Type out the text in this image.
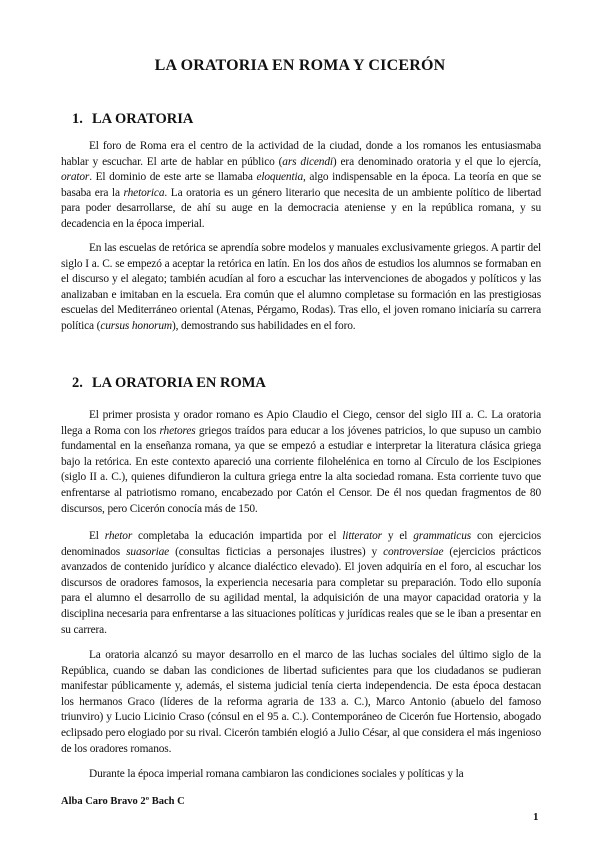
LA ORATORIA EN ROMA Y CICERÓN
1. LA ORATORIA

El foro de Roma era el centro de la actividad de la ciudad, donde a los romanos les entusiasmaba hablar y escuchar. El arte de hablar en público (ars dicendi) era denominado oratoria y el que lo ejercía, orator. El dominio de este arte se llamaba eloquentia, algo indispensable en la época. La teoría en que se basaba era la rhetorica. La oratoria es un género literario que necesita de un ambiente político de libertad para poder desarrollarse, de ahí su auge en la democracia ateniense y en la república romana, y su decadencia en la época imperial.

En las escuelas de retórica se aprendía sobre modelos y manuales exclusivamente griegos. A partir del siglo I a. C. se empezó a aceptar la retórica en latín. En los dos años de estudios los alumnos se formaban en el discurso y el alegato; también acudían al foro a escuchar las intervenciones de abogados y políticos y las analizaban e imitaban en la escuela. Era común que el alumno completase su formación en las prestigiosas escuelas del Mediterráneo oriental (Atenas, Pérgamo, Rodas). Tras ello, el joven romano iniciaría su carrera política (cursus honorum), demostrando sus habilidades en el foro.

2. LA ORATORIA EN ROMA

El primer prosista y orador romano es Apio Claudio el Ciego, censor del siglo III a. C. La oratoria llega a Roma con los rhetores griegos traídos para educar a los jóvenes patricios, lo que supuso un cambio fundamental en la enseñanza romana, ya que se empezó a estudiar e interpretar la literatura clásica griega bajo la retórica. En este contexto apareció una corriente filohelénica en torno al Círculo de los Escipiones (siglo II a. C.), quienes difundieron la cultura griega entre la alta sociedad romana. Esta corriente tuvo que enfrentarse al patriotismo romano, encabezado por Catón el Censor. De él nos quedan fragmentos de 80 discursos, pero Cicerón conocía más de 150.

El rhetor completaba la educación impartida por el litterator y el grammaticus con ejercicios denominados suasoriae (consultas ficticias a personajes ilustres) y controversiae (ejercicios prácticos avanzados de contenido jurídico y alcance dialéctico elevado). El joven adquiría en el foro, al escuchar los discursos de oradores famosos, la experiencia necesaria para completar su preparación. Todo ello suponía para el alumno el desarrollo de su agilidad mental, la adquisición de una mayor capacidad oratoria y la disciplina necesaria para enfrentarse a las situaciones políticas y jurídicas reales que se le iban a presentar en su carrera.

La oratoria alcanzó su mayor desarrollo en el marco de las luchas sociales del último siglo de la República, cuando se daban las condiciones de libertad suficientes para que los ciudadanos se pudieran manifestar públicamente y, además, el sistema judicial tenía cierta independencia. De esta época destacan los hermanos Graco (líderes de la reforma agraria de 133 a. C.), Marco Antonio (abuelo del famoso triunviro) y Lucio Licinio Craso (cónsul en el 95 a. C.). Contemporáneo de Cicerón fue Hortensio, abogado eclipsado pero elogiado por su rival. Cicerón también elogió a Julio César, al que considera el más ingenioso de los oradores romanos.

Durante la época imperial romana cambiaron las condiciones sociales y políticas y la

Alba Caro Bravo 2º Bach C
1
